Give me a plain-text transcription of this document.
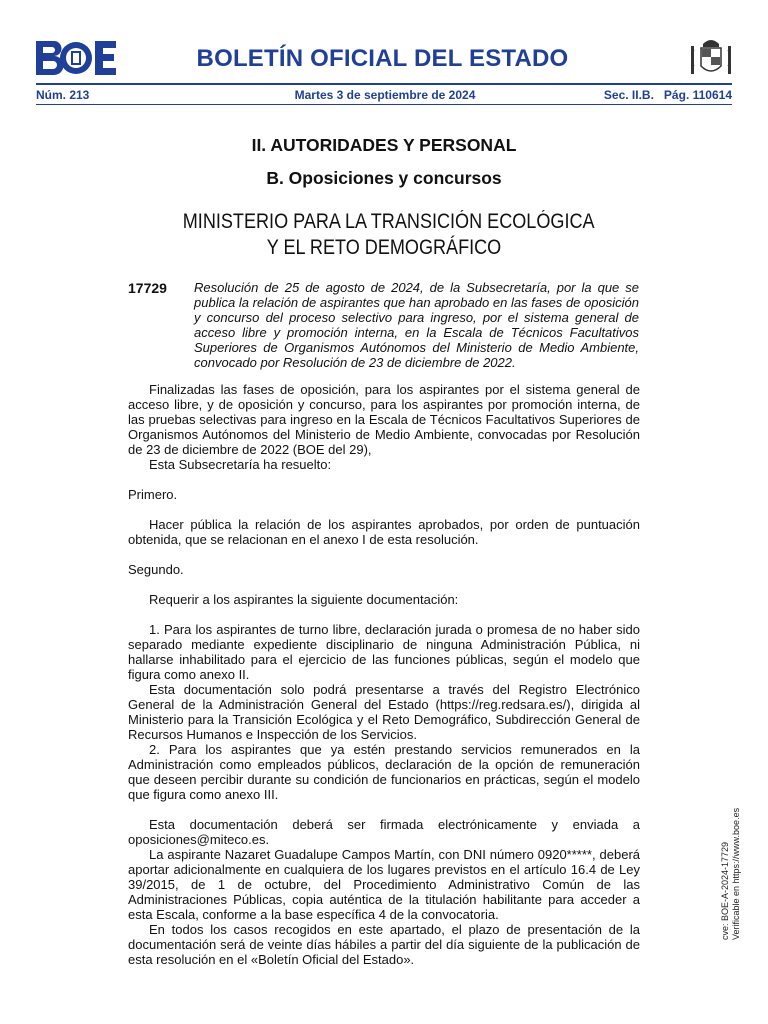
BOLETÍN OFICIAL DEL ESTADO
Núm. 213	Martes 3 de septiembre de 2024	Sec. II.B.   Pág. 110614
II. AUTORIDADES Y PERSONAL
B. Oposiciones y concursos
MINISTERIO PARA LA TRANSICIÓN ECOLÓGICA
Y EL RETO DEMOGRÁFICO
17729 Resolución de 25 de agosto de 2024, de la Subsecretaría, por la que se publica la relación de aspirantes que han aprobado en las fases de oposición y concurso del proceso selectivo para ingreso, por el sistema general de acceso libre y promoción interna, en la Escala de Técnicos Facultativos Superiores de Organismos Autónomos del Ministerio de Medio Ambiente, convocado por Resolución de 23 de diciembre de 2022.

Finalizadas las fases de oposición, para los aspirantes por el sistema general de acceso libre, y de oposición y concurso, para los aspirantes por promoción interna, de las pruebas selectivas para ingreso en la Escala de Técnicos Facultativos Superiores de Organismos Autónomos del Ministerio de Medio Ambiente, convocadas por Resolución de 23 de diciembre de 2022 (BOE del 29),

Esta Subsecretaría ha resuelto:

Primero.

Hacer pública la relación de los aspirantes aprobados, por orden de puntuación obtenida, que se relacionan en el anexo I de esta resolución.

Segundo.

Requerir a los aspirantes la siguiente documentación:

1. Para los aspirantes de turno libre, declaración jurada o promesa de no haber sido separado mediante expediente disciplinario de ninguna Administración Pública, ni hallarse inhabilitado para el ejercicio de las funciones públicas, según el modelo que figura como anexo II.

Esta documentación solo podrá presentarse a través del Registro Electrónico General de la Administración General del Estado (https://reg.redsara.es/), dirigida al Ministerio para la Transición Ecológica y el Reto Demográfico, Subdirección General de Recursos Humanos e Inspección de los Servicios.

2. Para los aspirantes que ya estén prestando servicios remunerados en la Administración como empleados públicos, declaración de la opción de remuneración que deseen percibir durante su condición de funcionarios en prácticas, según el modelo que figura como anexo III.

Esta documentación deberá ser firmada electrónicamente y enviada a oposiciones@miteco.es.

La aspirante Nazaret Guadalupe Campos Martín, con DNI número 0920*****, deberá aportar adicionalmente en cualquiera de los lugares previstos en el artículo 16.4 de Ley 39/2015, de 1 de octubre, del Procedimiento Administrativo Común de las Administraciones Públicas, copia auténtica de la titulación habilitante para acceder a esta Escala, conforme a la base específica 4 de la convocatoria.

En todos los casos recogidos en este apartado, el plazo de presentación de la documentación será de veinte días hábiles a partir del día siguiente de la publicación de esta resolución en el «Boletín Oficial del Estado».

cve: BOE-A-2024-17729 Verificable en https://www.boe.es
